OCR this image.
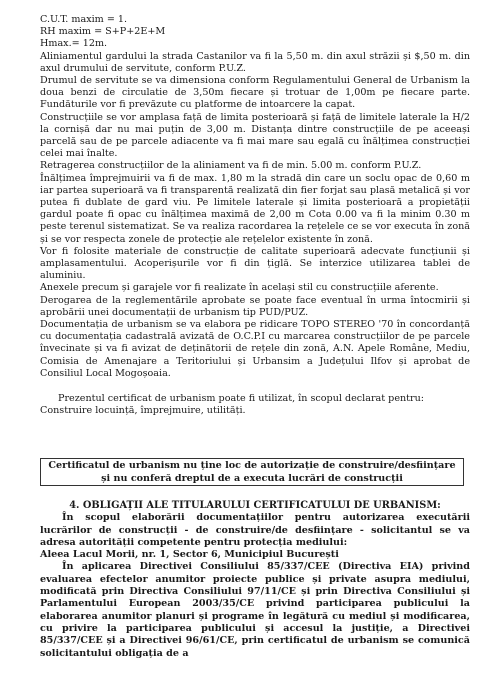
C.U.T. maxim = 1.

RH maxim = S+P+2E+M

Hmax.= 12m.

Aliniamentul gardului la strada Castanilor va fi la 5,50 m. din axul străzii și $,50 m. din axul drumului de servitute, conform P.U.Z.

Drumul de servitute se va dimensiona conform Regulamentului General de Urbanism la doua benzi de circulatie de 3,50m fiecare și trotuar de 1,00m pe fiecare parte. Fundăturile vor fi prevăzute cu platforme de intoarcere la capat.

Construcțiile se vor amplasa față de limita posterioară și față de limitele laterale la H/2 la cornișă dar nu mai puțin de 3,00 m. Distanța dintre construcțiile de pe aceeași parcelă sau de pe parcele adiacente va fi mai mare sau egală cu înălțimea construcției celei mai înalte.

Retragerea construcțiilor de la aliniament va fi de min. 5.00 m. conform P.U.Z.

Înălțimea împrejmuirii va fi de max. 1,80 m la stradă din care un soclu opac de 0,60 m iar partea superioară va fi transparentă realizată din fier forjat sau plasă metalică și vor putea fi dublate de gard viu. Pe limitele laterale și limita posterioară a propietății gardul poate fi opac cu înălțimea maximă de 2,00 m Cota 0.00 va fi la minim 0.30 m peste terenul sistematizat. Se va realiza racordarea la rețelele ce se vor executa în zonă și se vor respecta zonele de protecție ale rețelelor existente în zonă.

Vor fi folosite materiale de construcție de calitate superioară adecvate funcțiunii și amplasamentului. Acoperișurile vor fi din țiglă. Se interzice utilizarea tablei de aluminiu.

Anexele precum și garajele vor fi realizate în același stil cu construcțiile aferente.

Derogarea de la reglementările aprobate se poate face eventual în urma întocmirii și aprobării unei documentații de urbanism tip PUD/PUZ.

Documentația de urbanism se va elabora pe ridicare TOPO STEREO '70 în concordanță cu documentația cadastrală avizată de O.C.P.I cu marcarea construcțiilor de pe parcele învecinate și va fi avizat de deținătorii de rețele din zonă, A.N. Apele Române, Mediu, Comisia de Amenajare a Teritoriului și Urbansim a Județului Ilfov și aprobat de Consiliul Local Mogoșoaia.

Prezentul certificat de urbanism poate fi utilizat, în scopul declarat pentru:

Construire locuință, împrejmuire, utilități.

Certificatul de urbanism nu ține loc de autorizație de construire/desființare
și nu conferă dreptul de a executa lucrări de construcții
4. OBLIGAȚII ALE TITULARULUI CERTIFICATULUI DE URBANISM:

În scopul elaborării documentațiilor pentru autorizarea executării lucrărilor de construcții - de construire/de desființare - solicitantul se va adresa autorității competente pentru protecția mediului:

Aleea Lacul Morii, nr. 1, Sector 6, Municipiul București

În aplicarea Directivei Consiliului 85/337/CEE (Directiva EIA) privind evaluarea efectelor anumitor proiecte publice și private asupra mediului, modificată prin Directiva Consiliului 97/11/CE și prin Directiva Consiliului și Parlamentului European 2003/35/CE privind participarea publicului la elaborarea anumitor planuri și programe în legătură cu mediul și modificarea, cu privire la participarea publicului și accesul la justiție, a Directivei 85/337/CEE și a Directivei 96/61/CE, prin certificatul de urbanism se comunică solicitantului obligația de a
